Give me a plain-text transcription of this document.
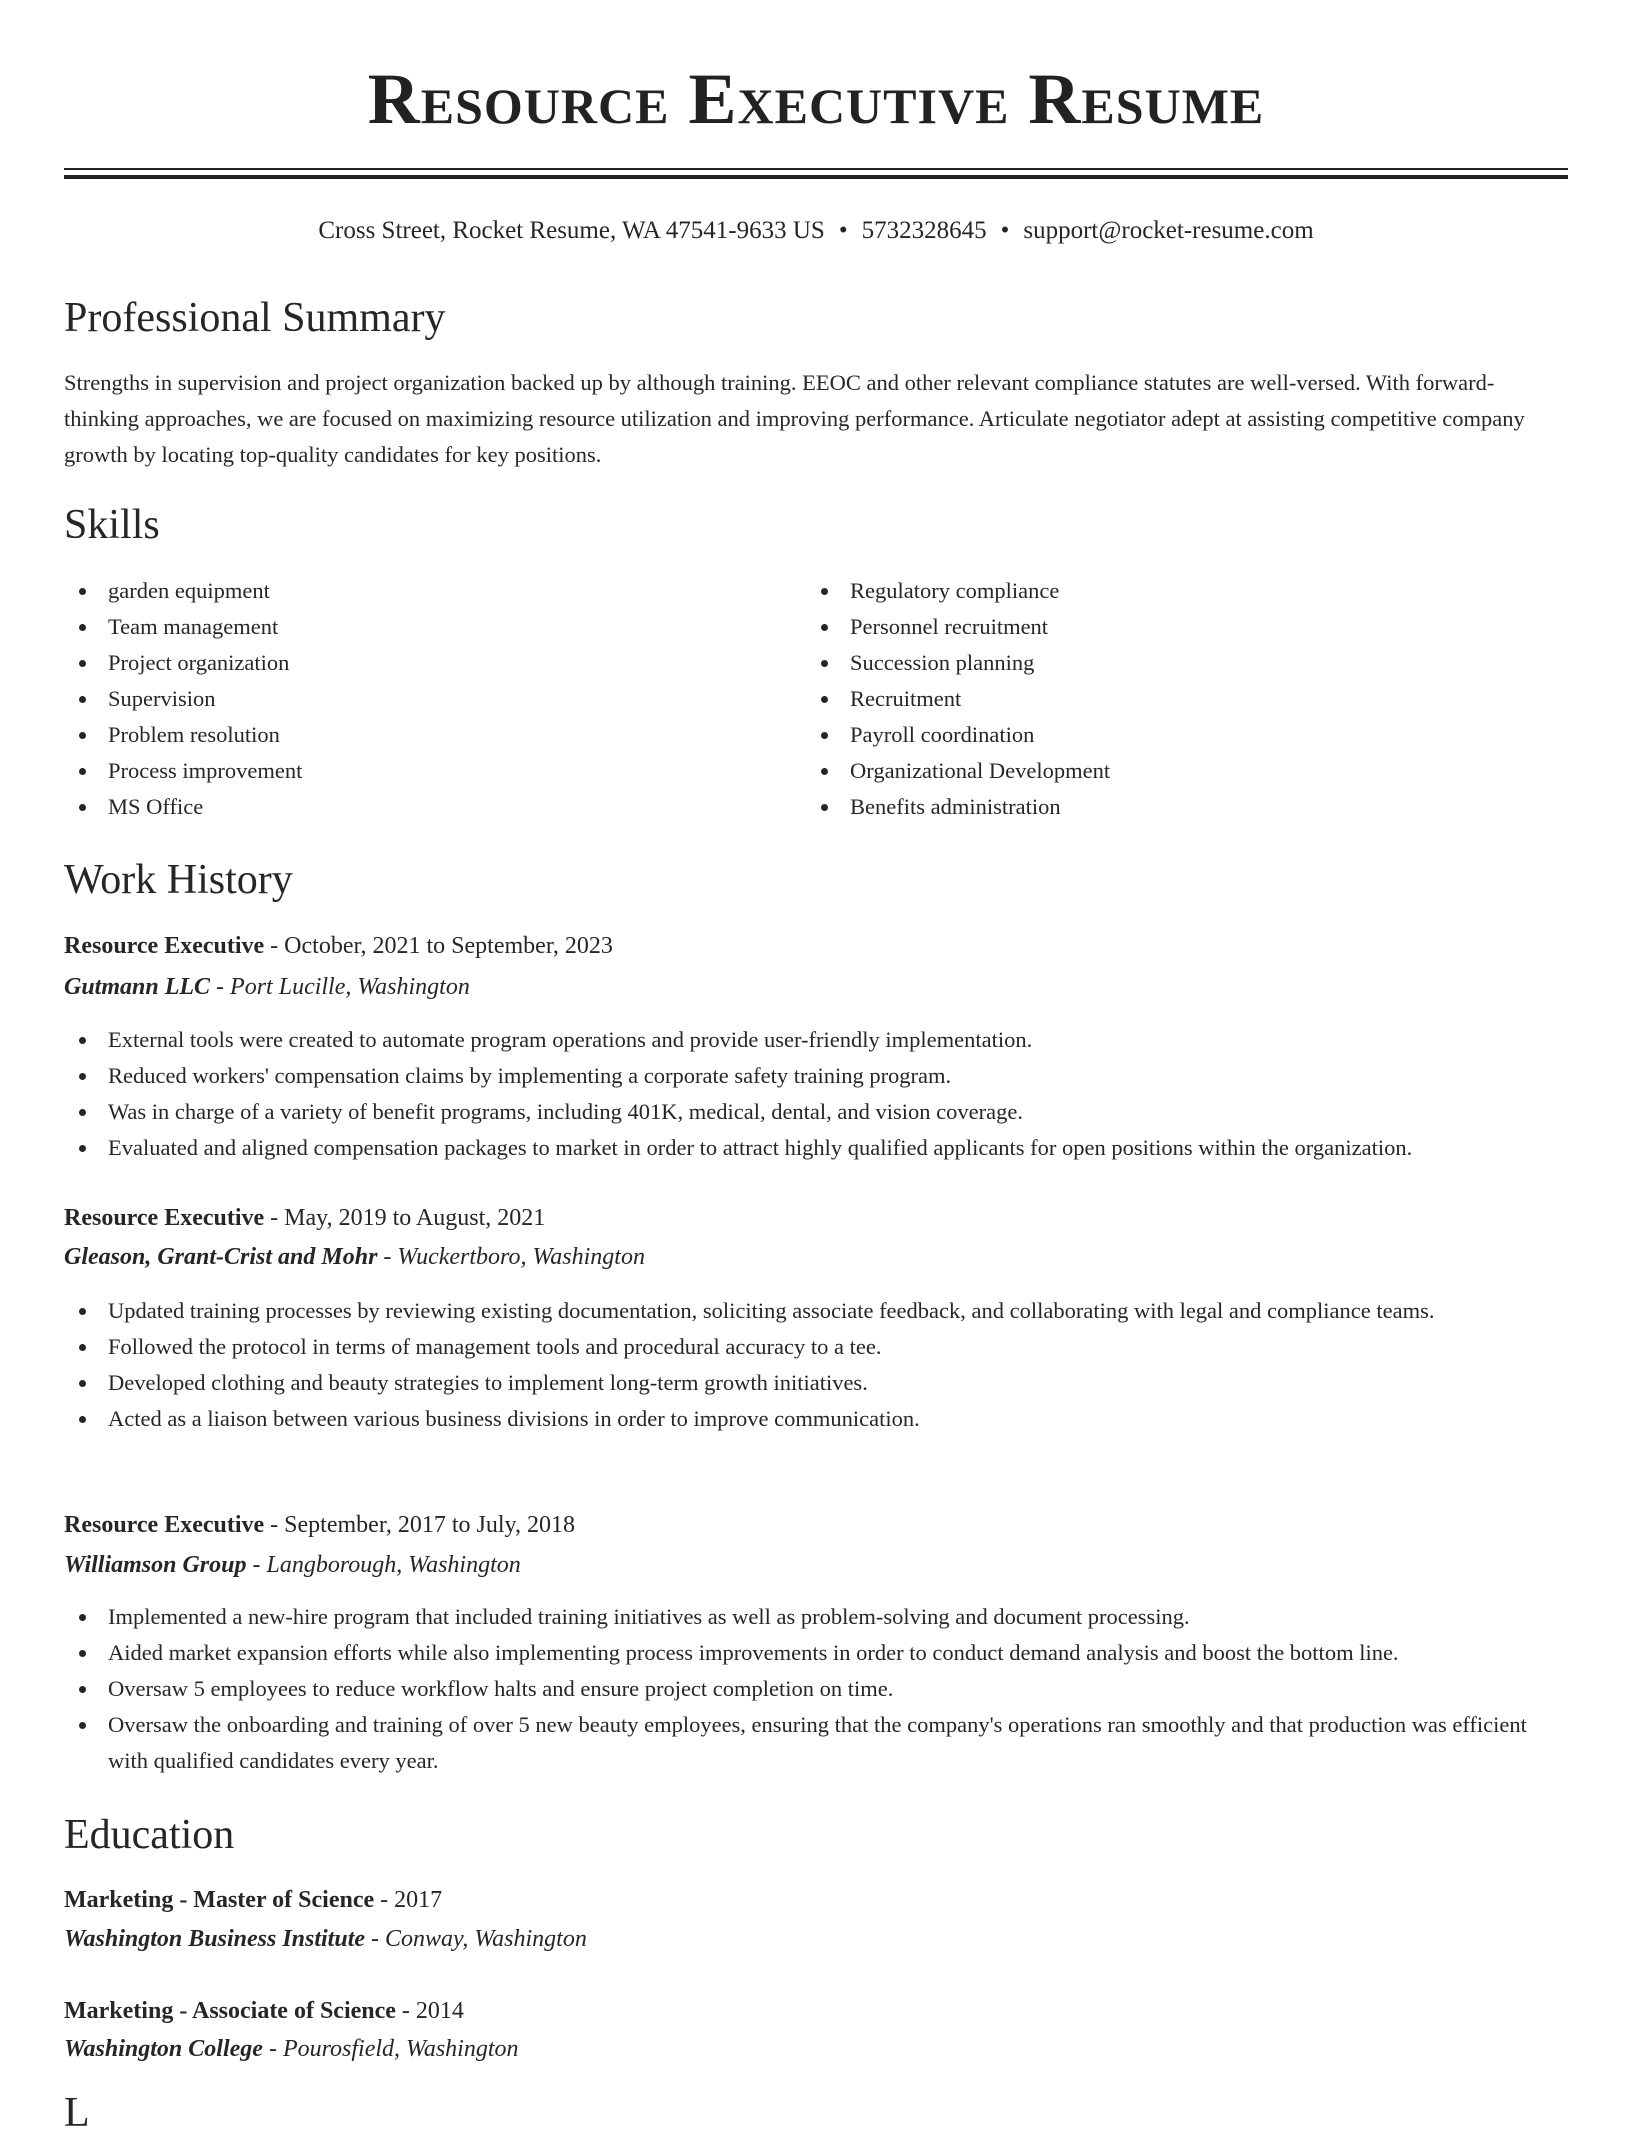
Resource Executive Resume
Cross Street, Rocket Resume, WA 47541-9633 US • 5732328645 • support@rocket-resume.com
Professional Summary

Strengths in supervision and project organization backed up by although training. EEOC and other relevant compliance statutes are well-versed. With forward-thinking approaches, we are focused on maximizing resource utilization and improving performance. Articulate negotiator adept at assisting competitive company growth by locating top-quality candidates for key positions.

Skills
garden equipment
Team management
Project organization
Supervision
Problem resolution
Process improvement
MS Office
Regulatory compliance
Personnel recruitment
Succession planning
Recruitment
Payroll coordination
Organizational Development
Benefits administration
Work History
Resource Executive - October, 2021 to September, 2023
Gutmann LLC - Port Lucille, Washington
External tools were created to automate program operations and provide user-friendly implementation.
Reduced workers' compensation claims by implementing a corporate safety training program.
Was in charge of a variety of benefit programs, including 401K, medical, dental, and vision coverage.
Evaluated and aligned compensation packages to market in order to attract highly qualified applicants for open positions within the organization.
Resource Executive - May, 2019 to August, 2021
Gleason, Grant-Crist and Mohr - Wuckertboro, Washington
Updated training processes by reviewing existing documentation, soliciting associate feedback, and collaborating with legal and compliance teams.
Followed the protocol in terms of management tools and procedural accuracy to a tee.
Developed clothing and beauty strategies to implement long-term growth initiatives.
Acted as a liaison between various business divisions in order to improve communication.
Resource Executive - September, 2017 to July, 2018
Williamson Group - Langborough, Washington
Implemented a new-hire program that included training initiatives as well as problem-solving and document processing.
Aided market expansion efforts while also implementing process improvements in order to conduct demand analysis and boost the bottom line.
Oversaw 5 employees to reduce workflow halts and ensure project completion on time.
Oversaw the onboarding and training of over 5 new beauty employees, ensuring that the company's operations ran smoothly and that production was efficient with qualified candidates every year.
Education
Marketing - Master of Science - 2017
Washington Business Institute - Conway, Washington
Marketing - Associate of Science - 2014
Washington College - Pourosfield, Washington
L
